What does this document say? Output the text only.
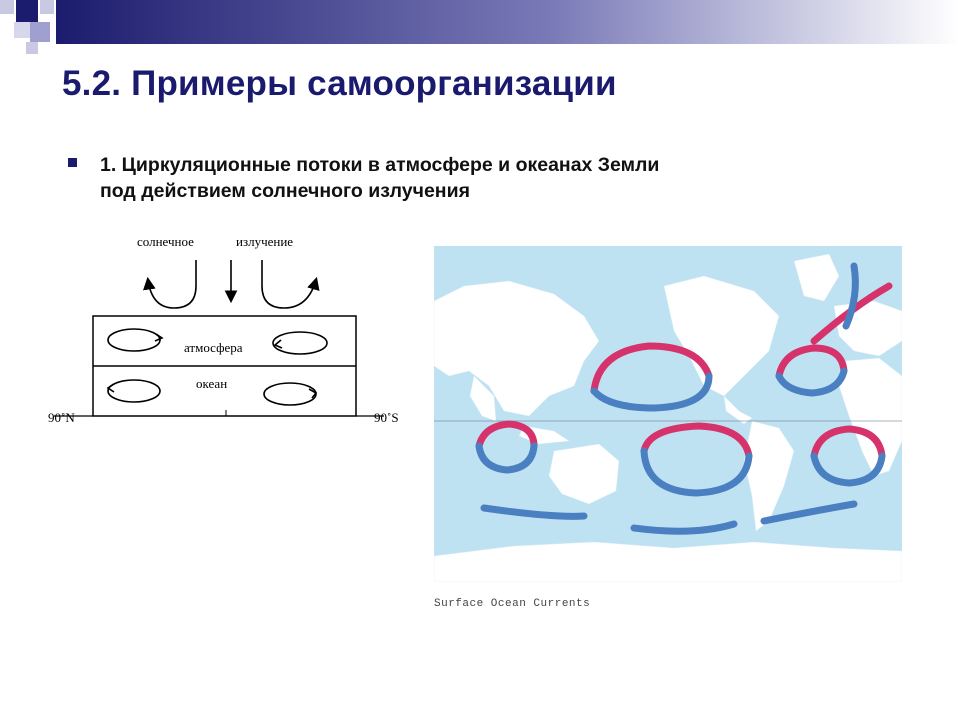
5.2. Примеры самоорганизации
1. Циркуляционные потоки в атмосфере и океанах Земли
под действием солнечного излучения
солнечное	излучение
атмосфера
океан
90˚N	90˚S
Surface Ocean Currents
